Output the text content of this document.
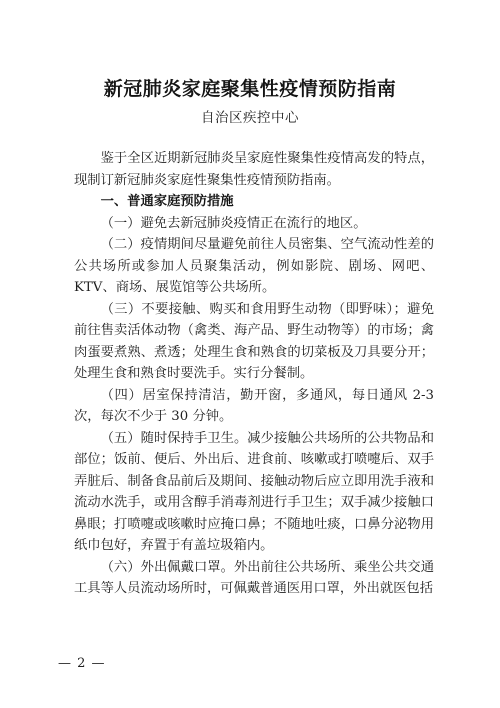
新冠肺炎家庭聚集性疫情预防指南
自治区疾控中心

鉴于全区近期新冠肺炎呈家庭性聚集性疫情高发的特点，现制订新冠肺炎家庭性聚集性疫情预防指南。

一、普通家庭预防措施

（一）避免去新冠肺炎疫情正在流行的地区。

（二）疫情期间尽量避免前往人员密集、空气流动性差的公共场所或参加人员聚集活动，例如影院、剧场、网吧、KTV、商场、展览馆等公共场所。

（三）不要接触、购买和食用野生动物（即野味）；避免前往售卖活体动物（禽类、海产品、野生动物等）的市场；禽肉蛋要煮熟、煮透；处理生食和熟食的切菜板及刀具要分开；处理生食和熟食时要洗手。实行分餐制。

（四）居室保持清洁，勤开窗，多通风，每日通风 2-3 次，每次不少于 30 分钟。

（五）随时保持手卫生。减少接触公共场所的公共物品和部位；饭前、便后、外出后、进食前、咳嗽或打喷嚏后、双手弄脏后、制备食品前后及期间、接触动物后应立即用洗手液和流动水洗手，或用含醇手消毒剂进行手卫生；双手减少接触口鼻眼；打喷嚏或咳嗽时应掩口鼻；不随地吐痰，口鼻分泌物用纸巾包好，弃置于有盖垃圾箱内。

（六）外出佩戴口罩。外出前往公共场所、乘坐公共交通工具等人员流动场所时，可佩戴普通医用口罩，外出就医包括

— 2 —
